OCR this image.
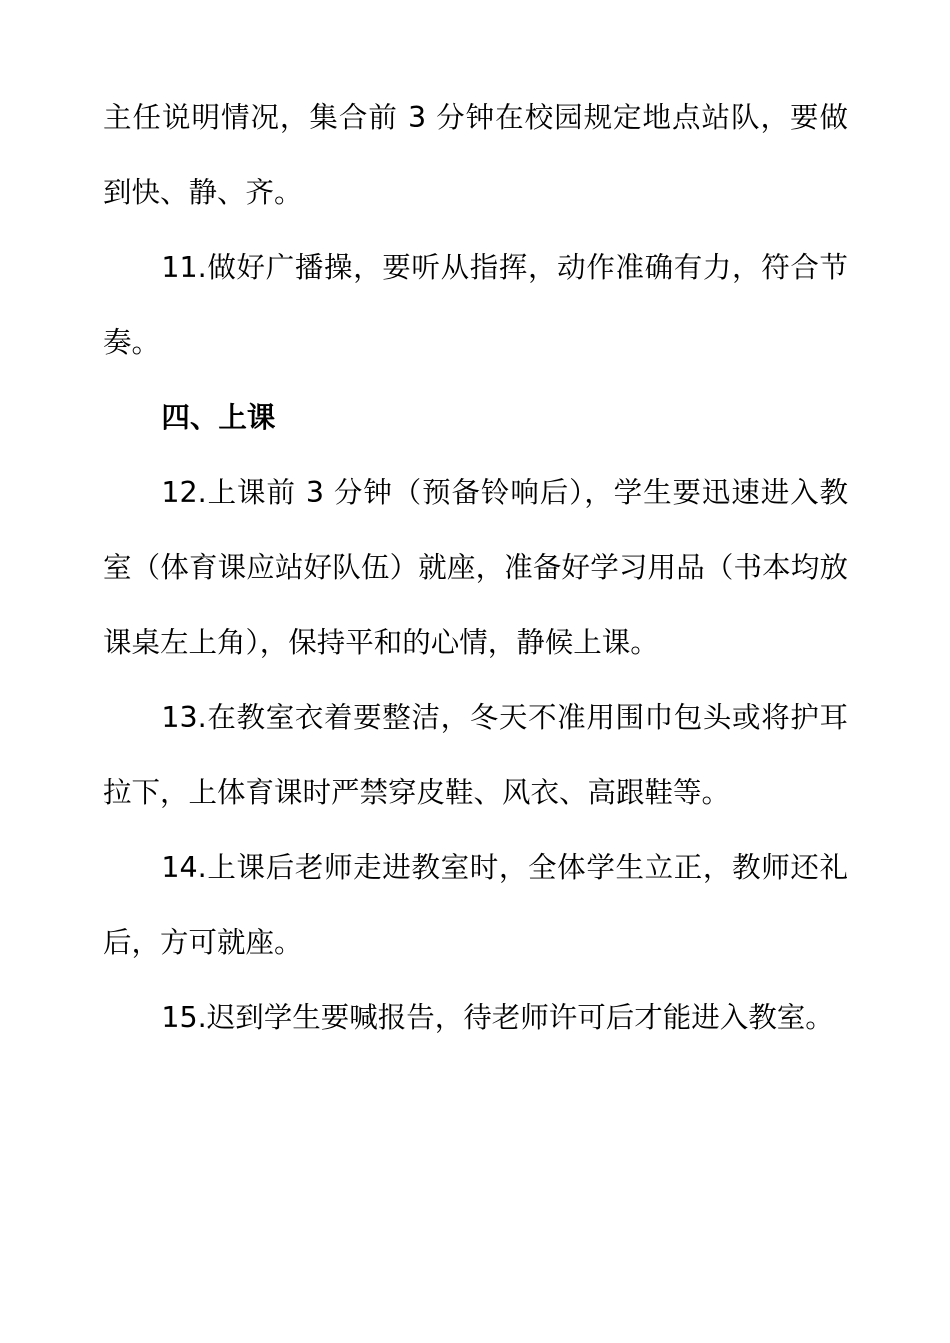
主任说明情况，集合前 3 分钟在校园规定地点站队，要做到快、静、齐。

11.做好广播操，要听从指挥，动作准确有力，符合节奏。

四、上课

12.上课前 3 分钟（预备铃响后），学生要迅速进入教室（体育课应站好队伍）就座，准备好学习用品（书本均放课桌左上角），保持平和的心情，静候上课。

13.在教室衣着要整洁，冬天不准用围巾包头或将护耳拉下，上体育课时严禁穿皮鞋、风衣、高跟鞋等。

14.上课后老师走进教室时，全体学生立正，教师还礼后，方可就座。

15.迟到学生要喊报告，待老师许可后才能进入教室。
